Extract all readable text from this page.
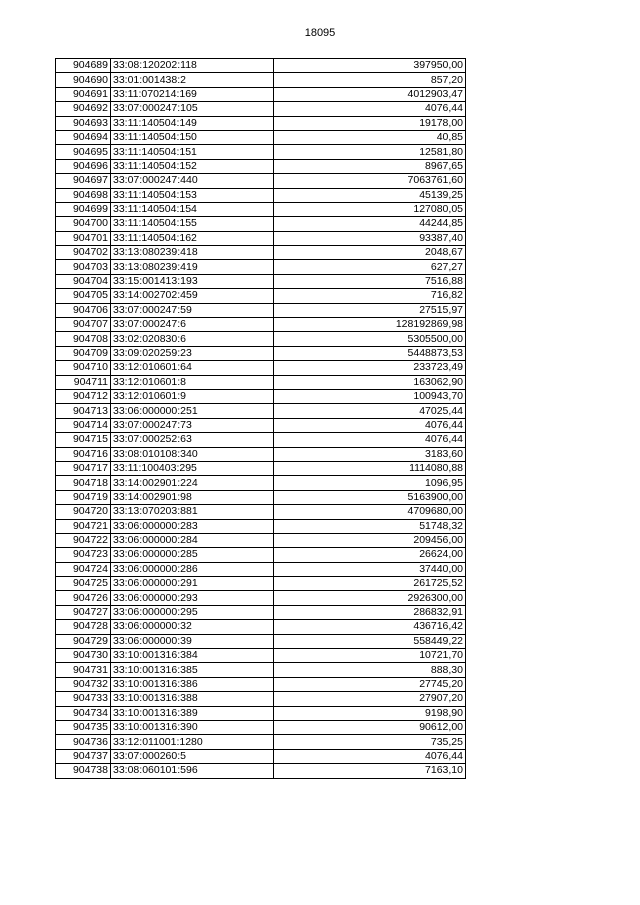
18095
904689	33:08:120202:118	397950,00
904690	33:01:001438:2	857,20
904691	33:11:070214:169	4012903,47
904692	33:07:000247:105	4076,44
904693	33:11:140504:149	19178,00
904694	33:11:140504:150	40,85
904695	33:11:140504:151	12581,80
904696	33:11:140504:152	8967,65
904697	33:07:000247:440	7063761,60
904698	33:11:140504:153	45139,25
904699	33:11:140504:154	127080,05
904700	33:11:140504:155	44244,85
904701	33:11:140504:162	93387,40
904702	33:13:080239:418	2048,67
904703	33:13:080239:419	627,27
904704	33:15:001413:193	7516,88
904705	33:14:002702:459	716,82
904706	33:07:000247:59	27515,97
904707	33:07:000247:6	128192869,98
904708	33:02:020830:6	5305500,00
904709	33:09:020259:23	5448873,53
904710	33:12:010601:64	233723,49
904711	33:12:010601:8	163062,90
904712	33:12:010601:9	100943,70
904713	33:06:000000:251	47025,44
904714	33:07:000247:73	4076,44
904715	33:07:000252:63	4076,44
904716	33:08:010108:340	3183,60
904717	33:11:100403:295	1114080,88
904718	33:14:002901:224	1096,95
904719	33:14:002901:98	5163900,00
904720	33:13:070203:881	4709680,00
904721	33:06:000000:283	51748,32
904722	33:06:000000:284	209456,00
904723	33:06:000000:285	26624,00
904724	33:06:000000:286	37440,00
904725	33:06:000000:291	261725,52
904726	33:06:000000:293	2926300,00
904727	33:06:000000:295	286832,91
904728	33:06:000000:32	436716,42
904729	33:06:000000:39	558449,22
904730	33:10:001316:384	10721,70
904731	33:10:001316:385	888,30
904732	33:10:001316:386	27745,20
904733	33:10:001316:388	27907,20
904734	33:10:001316:389	9198,90
904735	33:10:001316:390	90612,00
904736	33:12:011001:1280	735,25
904737	33:07:000260:5	4076,44
904738	33:08:060101:596	7163,10
